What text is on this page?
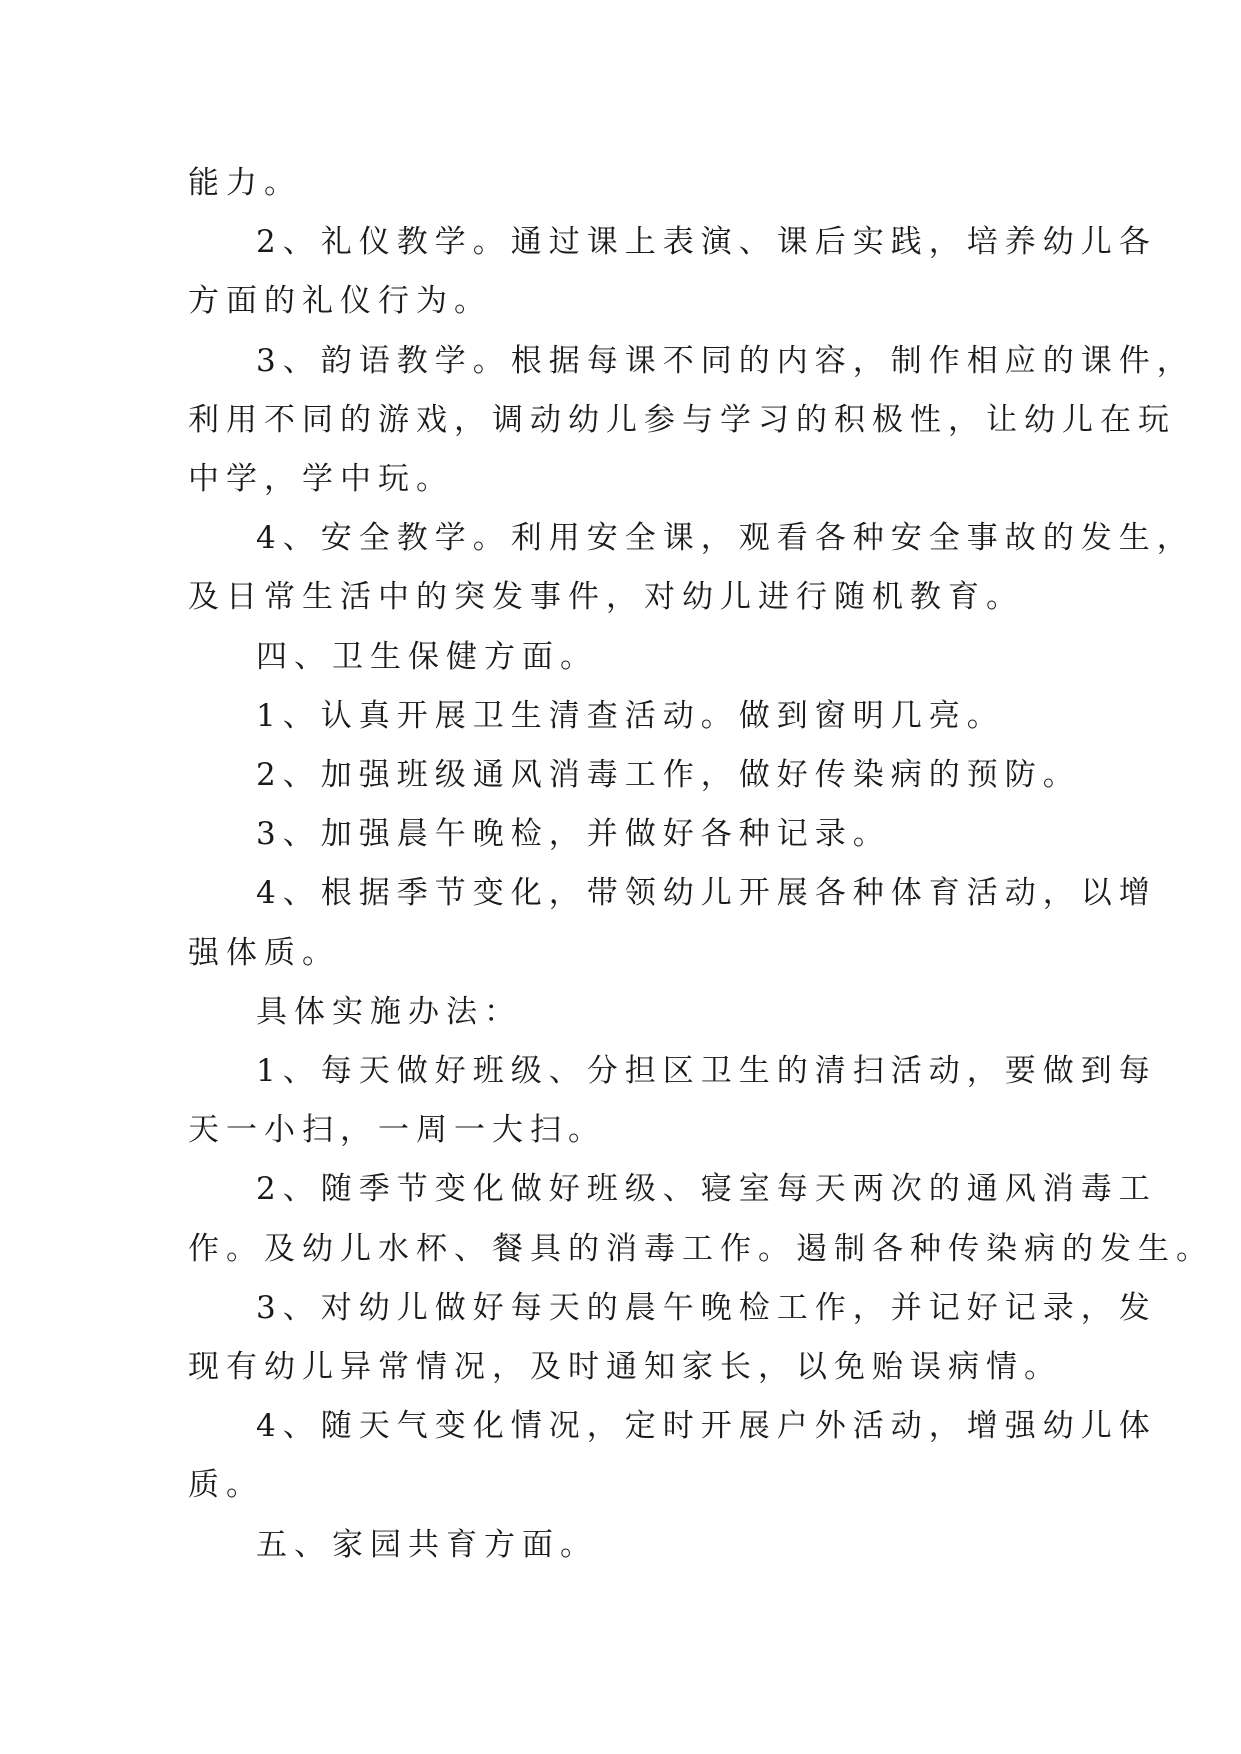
能力。

2、礼仪教学。通过课上表演、课后实践，培养幼儿各
方面的礼仪行为。

3、韵语教学。根据每课不同的内容，制作相应的课件，
利用不同的游戏，调动幼儿参与学习的积极性，让幼儿在玩
中学，学中玩。

4、安全教学。利用安全课，观看各种安全事故的发生，
及日常生活中的突发事件，对幼儿进行随机教育。

四、卫生保健方面。

1、认真开展卫生清查活动。做到窗明几亮。

2、加强班级通风消毒工作，做好传染病的预防。

3、加强晨午晚检，并做好各种记录。

4、根据季节变化，带领幼儿开展各种体育活动，以增
强体质。

具体实施办法：

1、每天做好班级、分担区卫生的清扫活动，要做到每
天一小扫，一周一大扫。

2、随季节变化做好班级、寝室每天两次的通风消毒工
作。及幼儿水杯、餐具的消毒工作。遏制各种传染病的发生。

3、对幼儿做好每天的晨午晚检工作，并记好记录，发
现有幼儿异常情况，及时通知家长，以免贻误病情。

4、随天气变化情况，定时开展户外活动，增强幼儿体
质。

五、家园共育方面。
